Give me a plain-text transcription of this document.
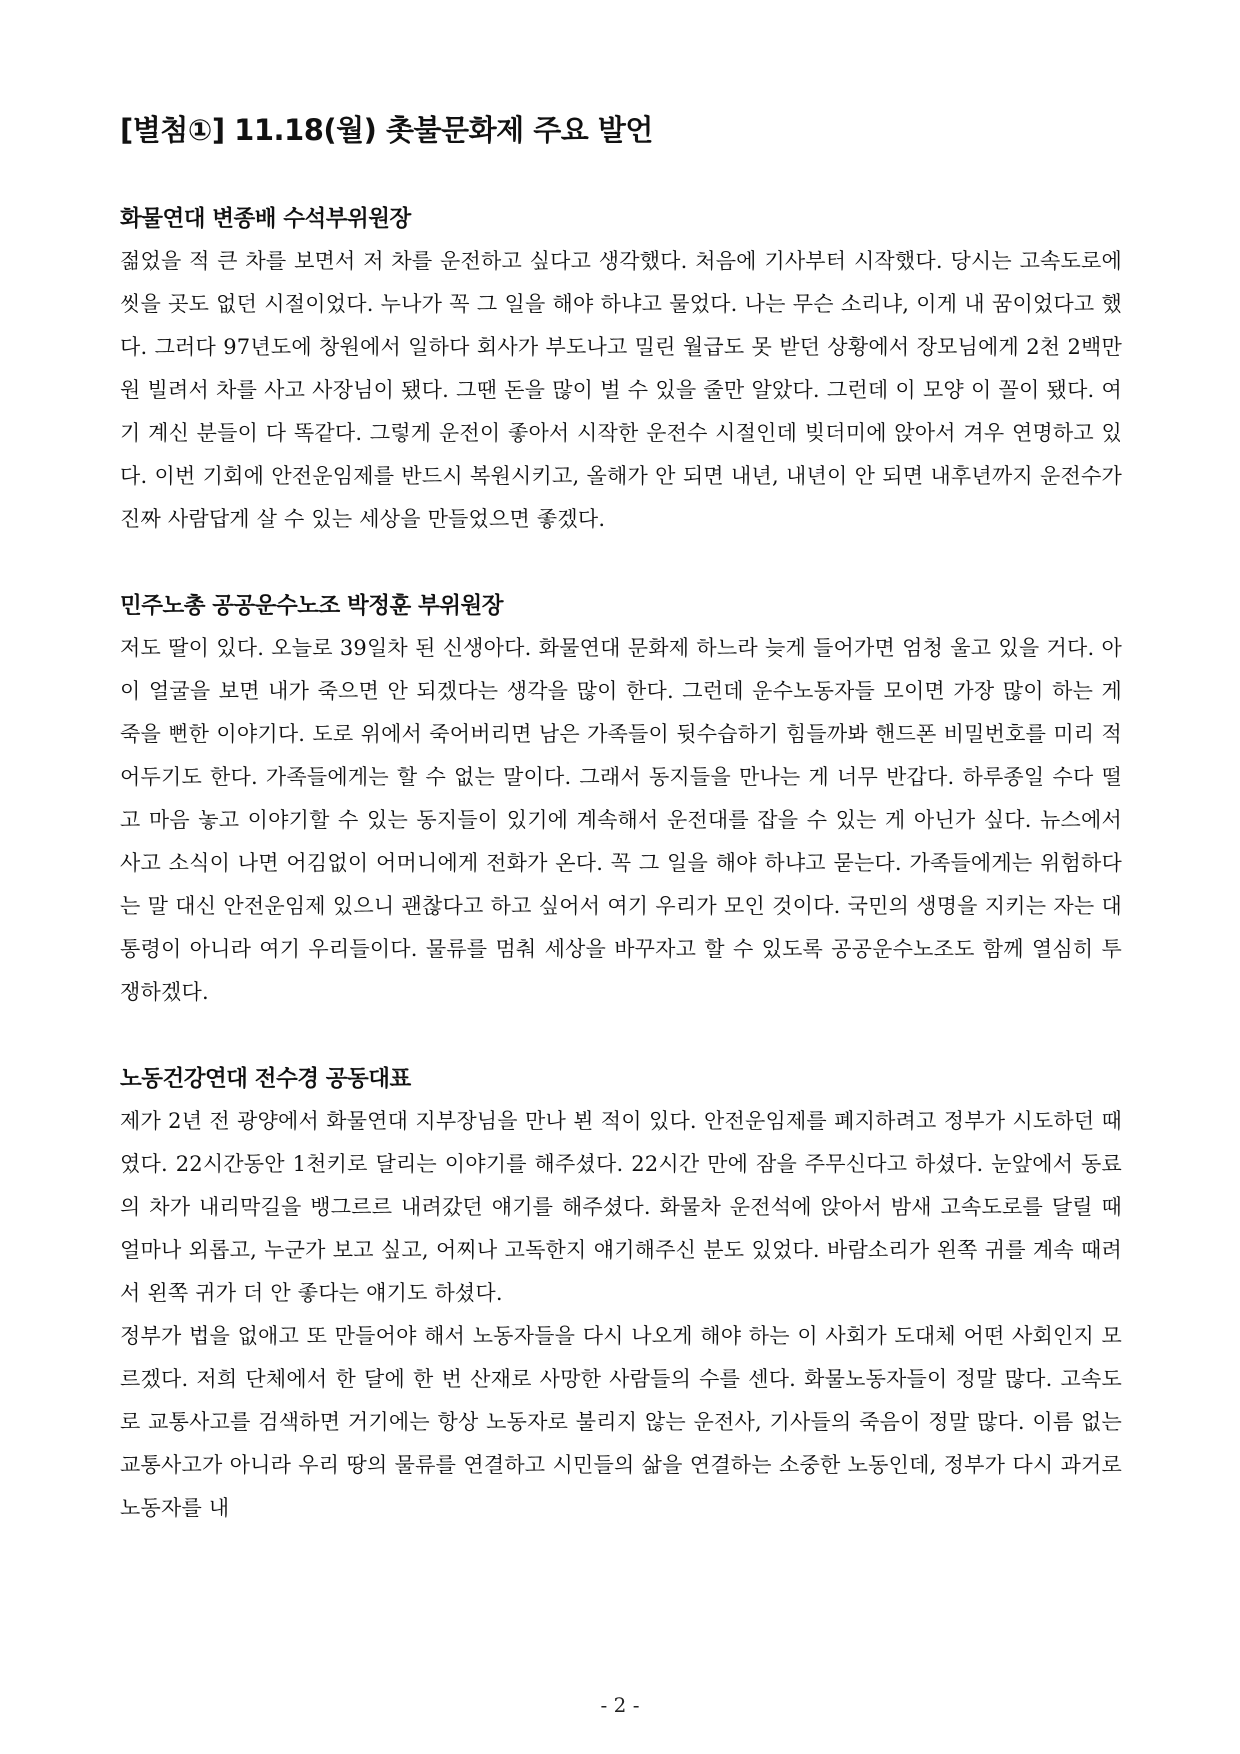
[별첨①] 11.18(월) 촛불문화제 주요 발언
화물연대 변종배 수석부위원장

젊었을 적 큰 차를 보면서 저 차를 운전하고 싶다고 생각했다. 처음에 기사부터 시작했다. 당시는 고속도로에 씻을 곳도 없던 시절이었다. 누나가 꼭 그 일을 해야 하냐고 물었다. 나는 무슨 소리냐, 이게 내 꿈이었다고 했다. 그러다 97년도에 창원에서 일하다 회사가 부도나고 밀린 월급도 못 받던 상황에서 장모님에게 2천 2백만원 빌려서 차를 사고 사장님이 됐다. 그땐 돈을 많이 벌 수 있을 줄만 알았다. 그런데 이 모양 이 꼴이 됐다. 여기 계신 분들이 다 똑같다. 그렇게 운전이 좋아서 시작한 운전수 시절인데 빚더미에 앉아서 겨우 연명하고 있다. 이번 기회에 안전운임제를 반드시 복원시키고, 올해가 안 되면 내년, 내년이 안 되면 내후년까지 운전수가 진짜 사람답게 살 수 있는 세상을 만들었으면 좋겠다.

민주노총 공공운수노조 박정훈 부위원장

저도 딸이 있다. 오늘로 39일차 된 신생아다. 화물연대 문화제 하느라 늦게 들어가면 엄청 울고 있을 거다. 아이 얼굴을 보면 내가 죽으면 안 되겠다는 생각을 많이 한다. 그런데 운수노동자들 모이면 가장 많이 하는 게 죽을 뻔한 이야기다. 도로 위에서 죽어버리면 남은 가족들이 뒷수습하기 힘들까봐 핸드폰 비밀번호를 미리 적어두기도 한다. 가족들에게는 할 수 없는 말이다. 그래서 동지들을 만나는 게 너무 반갑다. 하루종일 수다 떨고 마음 놓고 이야기할 수 있는 동지들이 있기에 계속해서 운전대를 잡을 수 있는 게 아닌가 싶다. 뉴스에서 사고 소식이 나면 어김없이 어머니에게 전화가 온다. 꼭 그 일을 해야 하냐고 묻는다. 가족들에게는 위험하다는 말 대신 안전운임제 있으니 괜찮다고 하고 싶어서 여기 우리가 모인 것이다. 국민의 생명을 지키는 자는 대통령이 아니라 여기 우리들이다. 물류를 멈춰 세상을 바꾸자고 할 수 있도록 공공운수노조도 함께 열심히 투쟁하겠다.

노동건강연대 전수경 공동대표

제가 2년 전 광양에서 화물연대 지부장님을 만나 뵌 적이 있다. 안전운임제를 폐지하려고 정부가 시도하던 때였다. 22시간동안 1천키로 달리는 이야기를 해주셨다. 22시간 만에 잠을 주무신다고 하셨다. 눈앞에서 동료의 차가 내리막길을 뱅그르르 내려갔던 얘기를 해주셨다. 화물차 운전석에 앉아서 밤새 고속도로를 달릴 때 얼마나 외롭고, 누군가 보고 싶고, 어찌나 고독한지 얘기해주신 분도 있었다. 바람소리가 왼쪽 귀를 계속 때려서 왼쪽 귀가 더 안 좋다는 얘기도 하셨다.

정부가 법을 없애고 또 만들어야 해서 노동자들을 다시 나오게 해야 하는 이 사회가 도대체 어떤 사회인지 모르겠다. 저희 단체에서 한 달에 한 번 산재로 사망한 사람들의 수를 센다. 화물노동자들이 정말 많다. 고속도로 교통사고를 검색하면 거기에는 항상 노동자로 불리지 않는 운전사, 기사들의 죽음이 정말 많다. 이름 없는 교통사고가 아니라 우리 땅의 물류를 연결하고 시민들의 삶을 연결하는 소중한 노동인데, 정부가 다시 과거로 노동자를 내

- 2 -
